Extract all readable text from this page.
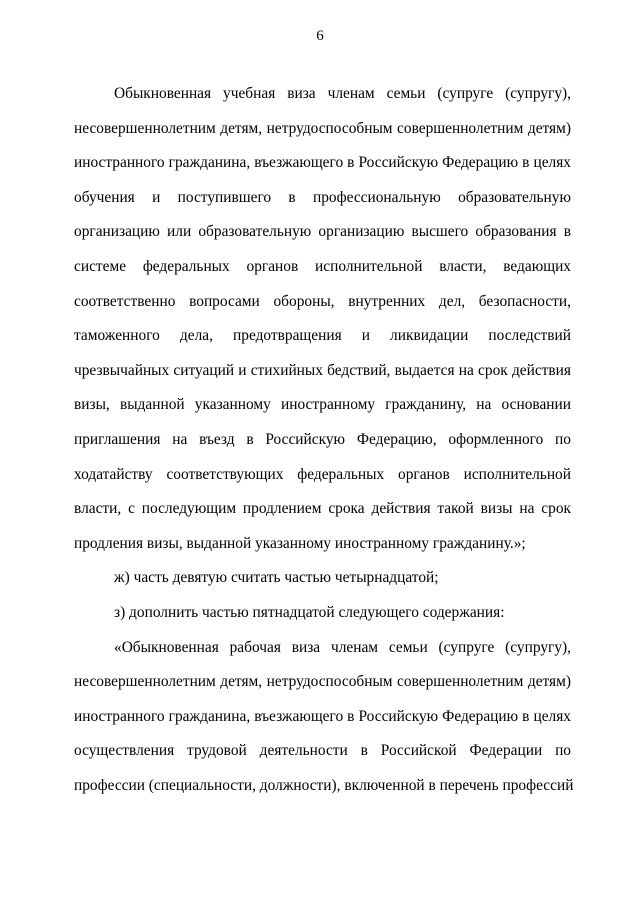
6
Обыкновенная учебная виза членам семьи (супруге (супругу),
несовершеннолетним детям, нетрудоспособным совершеннолетним детям)
иностранного гражданина, въезжающего в Российскую Федерацию в целях
обучения и поступившего в профессиональную образовательную
организацию или образовательную организацию высшего образования в
системе федеральных органов исполнительной власти, ведающих
соответственно вопросами обороны, внутренних дел, безопасности,
таможенного дела, предотвращения и ликвидации последствий
чрезвычайных ситуаций и стихийных бедствий, выдается на срок действия
визы, выданной указанному иностранному гражданину, на основании
приглашения на въезд в Российскую Федерацию, оформленного по
ходатайству соответствующих федеральных органов исполнительной
власти, с последующим продлением срока действия такой визы на срок
продления визы, выданной указанному иностранному гражданину.»;
ж) часть девятую считать частью четырнадцатой;
з) дополнить частью пятнадцатой следующего содержания:
«Обыкновенная рабочая виза членам семьи (супруге (супругу),
несовершеннолетним детям, нетрудоспособным совершеннолетним детям)
иностранного гражданина, въезжающего в Российскую Федерацию в целях
осуществления трудовой деятельности в Российской Федерации по
профессии (специальности, должности), включенной в перечень профессий
